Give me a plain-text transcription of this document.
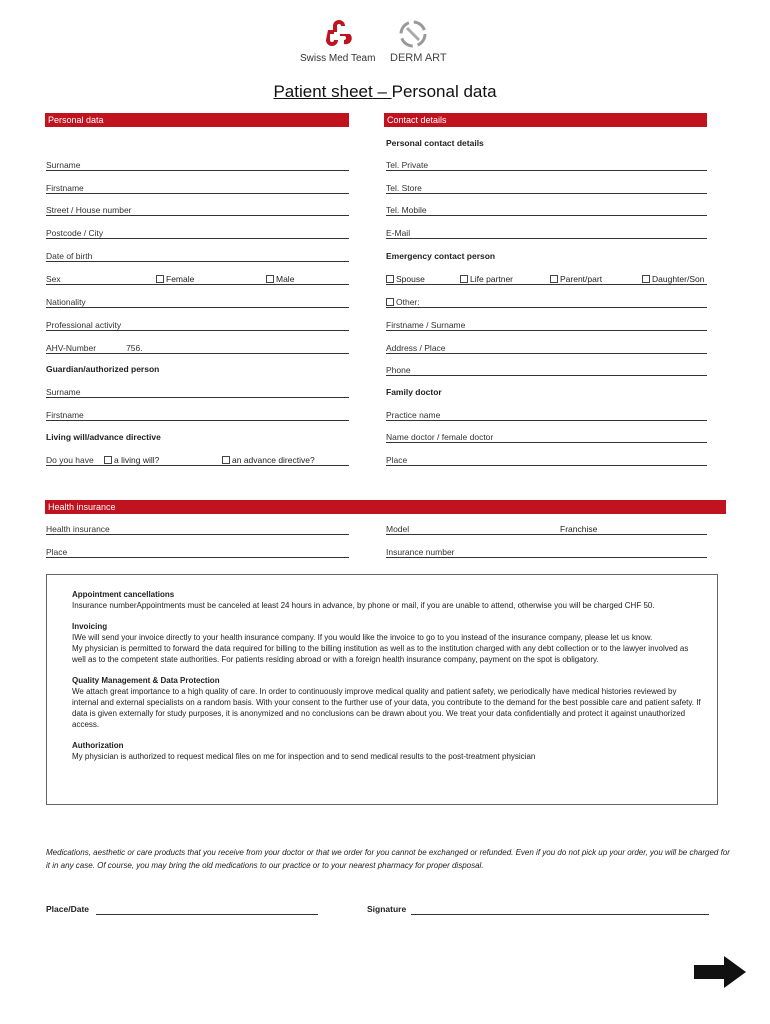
Swiss Med Team DERM ART
Patient sheet – Personal data
Personal data	Contact details
Surname
Firstname
Street / House number
Postcode / City
Date of birth
Sex	Female	Male
Nationality
Professional activity
AHV-Number	756.
Guardian/authorized person
Surname
Firstname
Living will/advance directive
Do you have	a living will?	an advance directive?
Personal contact details
Tel. Private
Tel. Store
Tel. Mobile
E-Mail
Emergency contact person
Spouse	Life partner	Parent/part	Daughter/Son
Other:
Firstname / Surname
Address / Place
Phone
Family doctor
Practice name
Name doctor / female doctor
Place
Health insurance
Health insurance
Place
Model	Franchise
Insurance number
Appointment cancellations

Insurance numberAppointments must be canceled at least 24 hours in advance, by phone or mail, if you are unable to attend, otherwise you will be charged CHF 50.

Invoicing

IWe will send your invoice directly to your health insurance company. If you would like the invoice to go to you instead of the insurance company, please let us know.

My physician is permitted to forward the data required for billing to the billing institution as well as to the institution charged with any debt collection or to the lawyer involved as well as to the competent state authorities. For patients residing abroad or with a foreign health insurance company, payment on the spot is obligatory.

Quality Management & Data Protection

We attach great importance to a high quality of care. In order to continuously improve medical quality and patient safety, we periodically have medical histories reviewed by internal and external specialists on a random basis. With your consent to the further use of your data, you contribute to the demand for the best possible care and patient safety. If data is given externally for study purposes, it is anonymized and no conclusions can be drawn about you. We treat your data confidentially and protect it against unauthorized access.

Authorization

My physician is authorized to request medical files on me for inspection and to send medical results to the post-treatment physician

Medications, aesthetic or care products that you receive from your doctor or that we order for you cannot be exchanged or refunded. Even if you do not pick up your order, you will be charged for it in any case. Of course, you may bring the old medications to our practice or to your nearest pharmacy for proper disposal.
Place/Date	Signature
